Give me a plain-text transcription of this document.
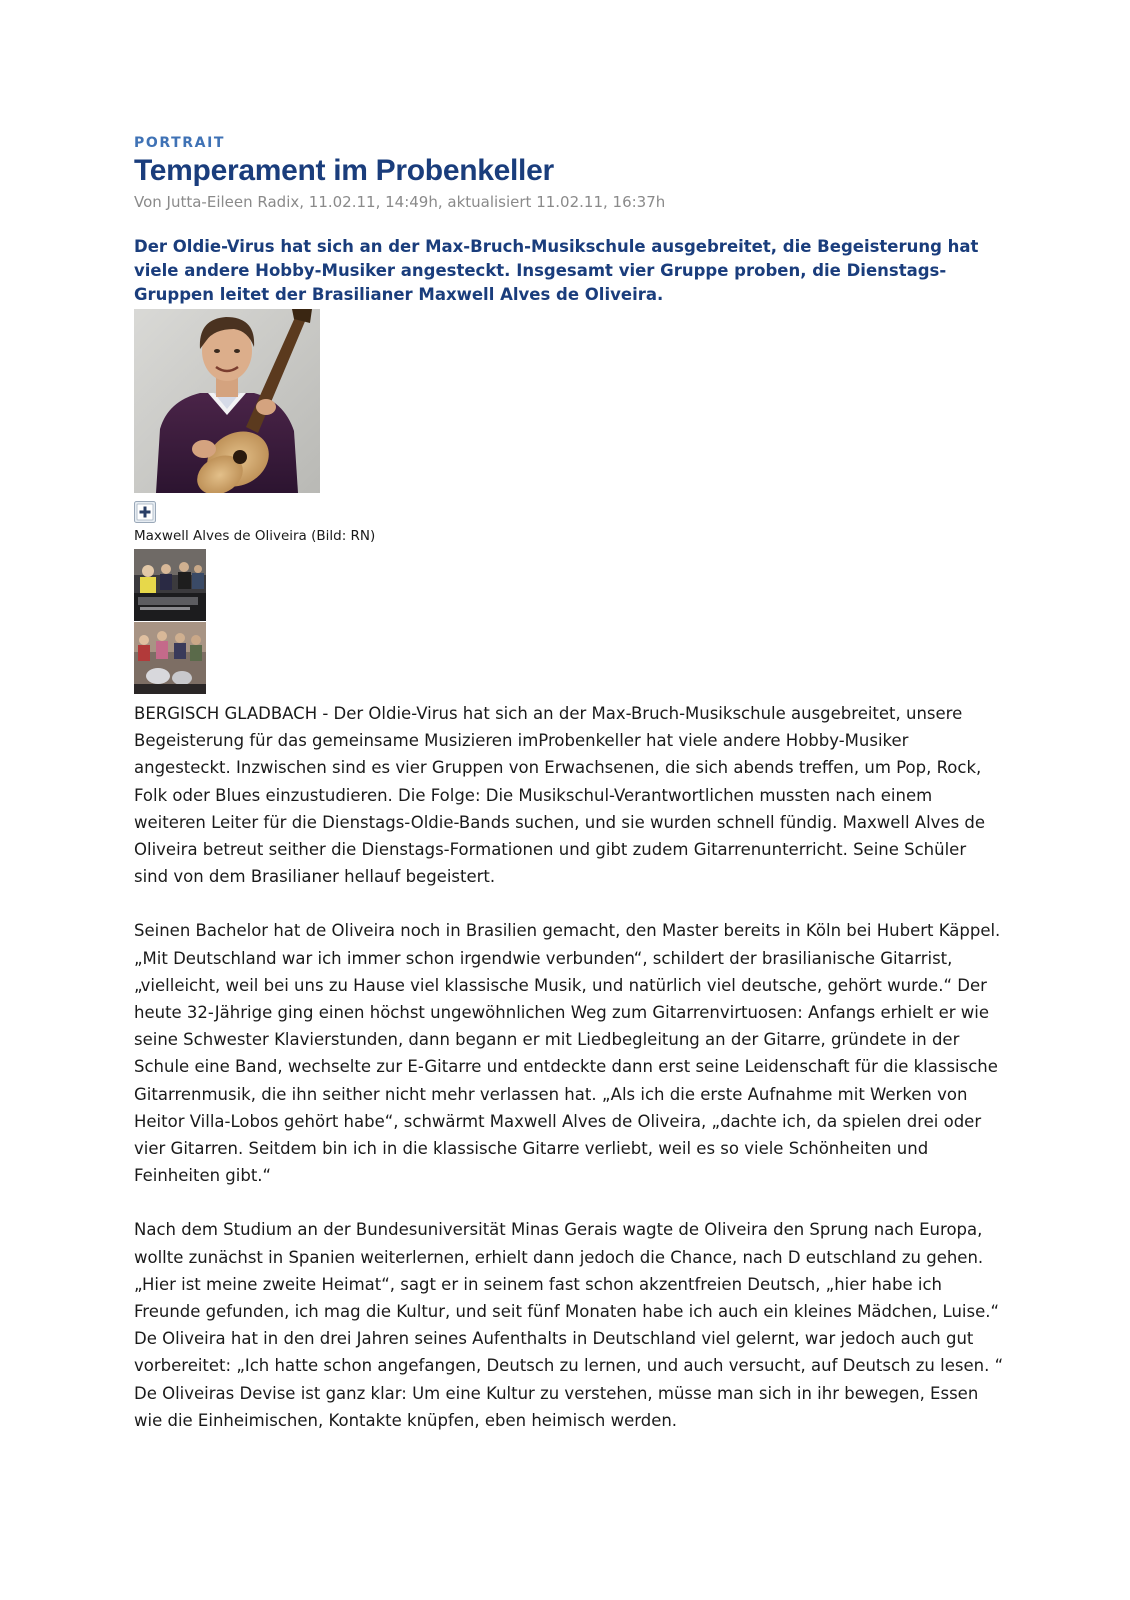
PORTRAIT

Temperament im Probenkeller

Von Jutta-Eileen Radix, 11.02.11, 14:49h, aktualisiert 11.02.11, 16:37h

Der Oldie-Virus hat sich an der Max-Bruch-Musikschule ausgebreitet, die Begeisterung hat viele andere Hobby-Musiker angesteckt. Insgesamt vier Gruppe proben, die Dienstags-Gruppen leitet der Brasilianer Maxwell Alves de Oliveira.

Maxwell Alves de Oliveira (Bild: RN)

BERGISCH GLADBACH - Der Oldie-Virus hat sich an der Max-Bruch-Musikschule ausgebreitet, unsere Begeisterung für das gemeinsame Musizieren imProbenkeller hat viele andere Hobby-Musiker angesteckt. Inzwischen sind es vier Gruppen von Erwachsenen, die sich abends treffen, um Pop, Rock, Folk oder Blues einzustudieren. Die Folge: Die Musikschul-Verantwortlichen mussten nach einem weiteren Leiter für die Dienstags-Oldie-Bands suchen, und sie wurden schnell fündig. Maxwell Alves de Oliveira betreut seither die Dienstags-Formationen und gibt zudem Gitarrenunterricht. Seine Schüler sind von dem Brasilianer hellauf begeistert.

Seinen Bachelor hat de Oliveira noch in Brasilien gemacht, den Master bereits in Köln bei Hubert Käppel. „Mit Deutschland war ich immer schon irgendwie verbunden“, schildert der brasilianische Gitarrist, „vielleicht, weil bei uns zu Hause viel klassische Musik, und natürlich viel deutsche, gehört wurde.“ Der heute 32-Jährige ging einen höchst ungewöhnlichen Weg zum Gitarrenvirtuosen: Anfangs erhielt er wie seine Schwester Klavierstunden, dann begann er mit Liedbegleitung an der Gitarre, gründete in der Schule eine Band, wechselte zur E-Gitarre und entdeckte dann erst seine Leidenschaft für die klassische Gitarrenmusik, die ihn seither nicht mehr verlassen hat. „Als ich die erste Aufnahme mit Werken von Heitor Villa-Lobos gehört habe“, schwärmt Maxwell Alves de Oliveira, „dachte ich, da spielen drei oder vier Gitarren. Seitdem bin ich in die klassische Gitarre verliebt, weil es so viele Schönheiten und Feinheiten gibt.“

Nach dem Studium an der Bundesuniversität Minas Gerais wagte de Oliveira den Sprung nach Europa, wollte zunächst in Spanien weiterlernen, erhielt dann jedoch die Chance, nach D eutschland zu gehen. „Hier ist meine zweite Heimat“, sagt er in seinem fast schon akzentfreien Deutsch, „hier habe ich Freunde gefunden, ich mag die Kultur, und seit fünf Monaten habe ich auch ein kleines Mädchen, Luise.“ De Oliveira hat in den drei Jahren seines Aufenthalts in Deutschland viel gelernt, war jedoch auch gut vorbereitet: „Ich hatte schon angefangen, Deutsch zu lernen, und auch versucht, auf Deutsch zu lesen. “ De Oliveiras Devise ist ganz klar: Um eine Kultur zu verstehen, müsse man sich in ihr bewegen, Essen wie die Einheimischen, Kontakte knüpfen, eben heimisch werden.
